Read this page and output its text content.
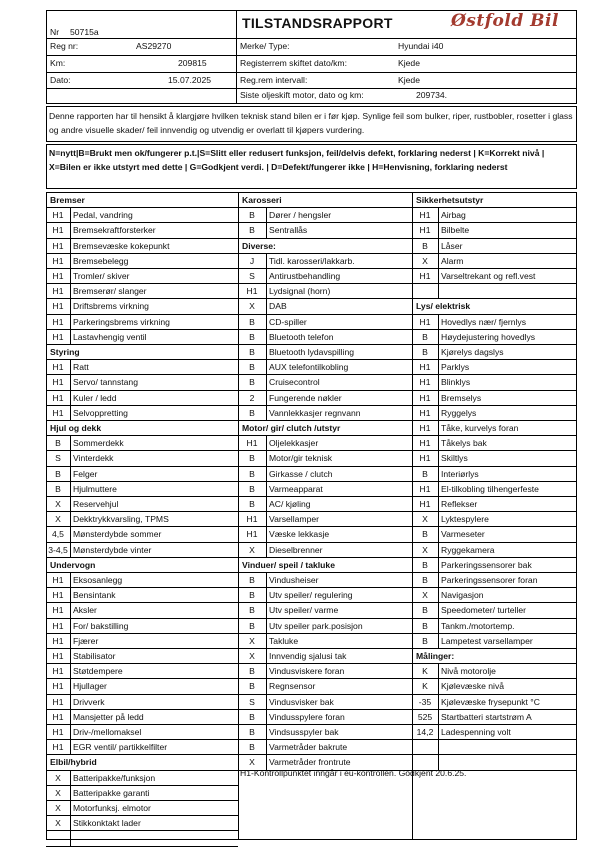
Nr 50715a
TILSTANDSRAPPORT	Østfold Bil
Reg nr:	AS29270
Km:	209815
Dato:	15.07.2025
Merke/ Type:	Hyundai i40
Registerrem skiftet dato/km:	Kjede
Reg.rem intervall:	Kjede
Siste oljeskift motor, dato og km:	209734.
Denne rapporten har til hensikt å klargjøre hvilken teknisk stand bilen er i før kjøp. Synlige feil som bulker, riper, rustbobler, rosetter i glass og andre visuelle skader/ feil innvendig og utvendig er overlatt til kjøpers vurdering.
N=nytt|B=Brukt men ok/fungerer p.t.|S=Slitt eller redusert funksjon, feil/delvis defekt, forklaring nederst | K=Korrekt nivå | X=Bilen er ikke utstyrt med dette | G=Godkjent verdi. | D=Defekt/fungerer ikke | H=Henvisning, forklaring nederst
Bremser
H1	Pedal, vandring
H1	Bremsekraftforsterker
H1	Bremsevæske kokepunkt
H1	Bremsebelegg
H1	Tromler/ skiver
H1	Bremserør/ slanger
H1	Driftsbrems virkning
H1	Parkeringsbrems virkning
H1	Lastavhengig ventil
Styring
H1	Ratt
H1	Servo/ tannstang
H1	Kuler / ledd
H1	Selvoppretting
Hjul og dekk
B	Sommerdekk
S	Vinterdekk
B	Felger
B	Hjulmuttere
X	Reservehjul
X	Dekktrykkvarsling, TPMS
4,5	Mønsterdybde sommer
3-4,5 Mønsterdybde vinter
Undervogn
H1	Eksosanlegg
H1	Bensintank
H1	Aksler
H1	For/ bakstilling
H1	Fjærer
H1	Stabilisator
H1	Støtdempere
H1	Hjullager
H1	Drivverk
H1	Mansjetter på ledd
H1	Driv-/mellomaksel
H1	EGR ventil/ partikkelfilter
Elbil/hybrid
X	Batteripakke/funksjon
X	Batteripakke garanti
X	Motorfunksj. elmotor
X	Stikkonktakt lader
Karosseri
B	Dører / hengsler
B	Sentrallås
Diverse:
J	Tidl. karosseri/lakkarb.
S	Antirustbehandling
H1	Lydsignal (horn)
X	DAB
B	CD-spiller
B	Bluetooth telefon
B	Bluetooth lydavspilling
B	AUX telefontilkobling
B	Cruisecontrol
2	Fungerende nøkler
B	Vannlekkasjer regnvann
Motor/ gir/ clutch /utstyr
H1	Oljelekkasjer
B	Motor/gir teknisk
B	Girkasse / clutch
B	Varmeapparat
B	AC/ kjøling
H1	Varsellamper
H1	Væske lekkasje
X	Dieselbrenner
Vinduer/ speil / takluke
B	Vindusheiser
B	Utv speiler/ regulering
B	Utv speiler/ varme
B	Utv speiler park.posisjon
X	Takluke
X	Innvendig sjalusi tak
B	Vindusviskere foran
B	Regnsensor
S	Vindusvisker bak
B	Vindusspylere foran
B	Vindsusspyler bak
B	Varmetråder bakrute
X	Varmetråder frontrute
Sikkerhetsutstyr
H1	Airbag
H1	Bilbelte
B	Låser
X	Alarm
H1	Varseltrekant og refl.vest
Lys/ elektrisk
H1	Hovedlys nær/ fjernlys
B	Høydejustering hovedlys
B	Kjørelys dagslys
H1	Parklys
H1	Blinklys
H1	Bremselys
H1	Ryggelys
H1	Tåke, kurvelys foran
H1	Tåkelys bak
H1	Skiltlys
B	Interiørlys
H1	El-tilkobling tilhengerfeste
H1	Reflekser
X	Lyktespylere
B	Varmeseter
X	Ryggekamera
B	Parkeringssensorer bak
B	Parkeringssensorer foran
X	Navigasjon
B	Speedometer/ turteller
B	Tankm./motortemp.
B	Lampetest varsellamper
Målinger:
K	Nivå motorolje
K	Kjølevæske nivå
-35	Kjølevæske frysepunkt °C
525	Startbatteri startstrøm A
14,2 Ladespenning volt
H1-Kontrollpunktet inngår i eu-kontrollen. Godkjent 20.6.25.
